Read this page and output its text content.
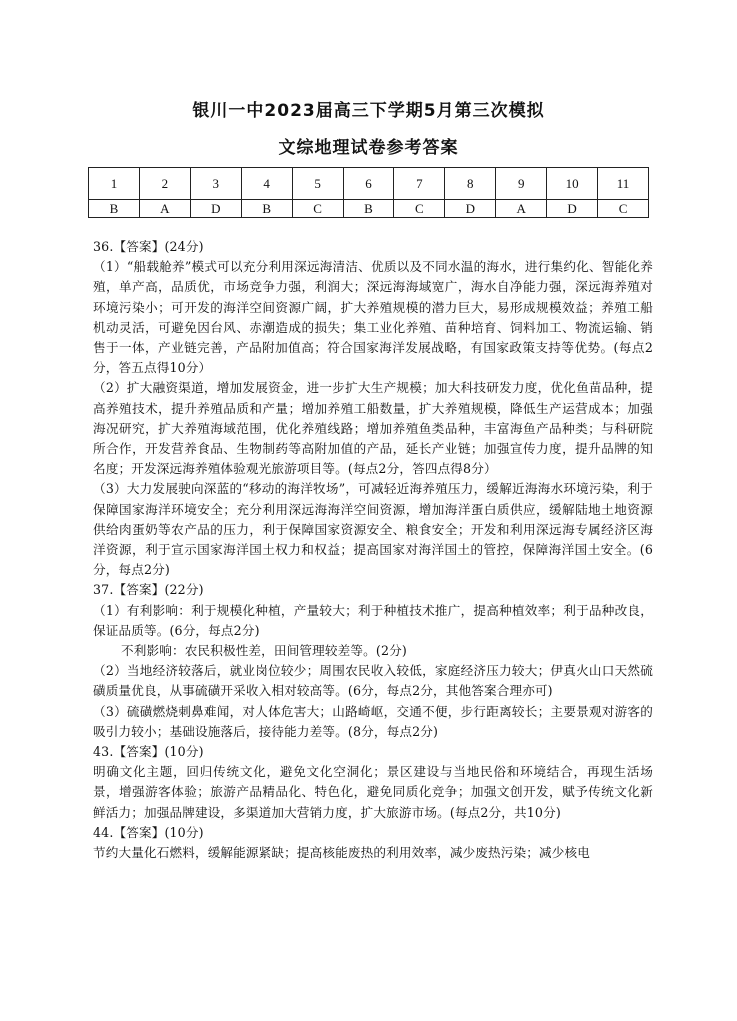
银川一中2023届高三下学期5月第三次模拟
文综地理试卷参考答案
1	2	3	4	5	6	7	8	9	10	11
B	A	D	B	C	B	C	D	A	D	C

36.【答案】(24分)

（1）“船载舱养”模式可以充分利用深远海清洁、优质以及不同水温的海水，进行集约化、智能化养殖，单产高，品质优，市场竞争力强，利润大；深远海海域宽广，海水自净能力强，深远海养殖对环境污染小；可开发的海洋空间资源广阔，扩大养殖规模的潜力巨大，易形成规模效益；养殖工船机动灵活，可避免因台风、赤潮造成的损失；集工业化养殖、苗种培育、饲料加工、物流运输、销售于一体，产业链完善，产品附加值高；符合国家海洋发展战略，有国家政策支持等优势。(每点2分，答五点得10分）

（2）扩大融资渠道，增加发展资金，进一步扩大生产规模；加大科技研发力度，优化鱼苗品种，提高养殖技术，提升养殖品质和产量；增加养殖工船数量，扩大养殖规模，降低生产运营成本；加强海况研究，扩大养殖海域范围，优化养殖线路；增加养殖鱼类品种，丰富海鱼产品种类；与科研院所合作，开发营养食品、生物制药等高附加值的产品，延长产业链；加强宣传力度，提升品牌的知名度；开发深远海养殖体验观光旅游项目等。(每点2分，答四点得8分）

（3）大力发展驶向深蓝的“移动的海洋牧场”，可减轻近海养殖压力，缓解近海海水环境污染，利于保障国家海洋环境安全；充分利用深远海海洋空间资源，增加海洋蛋白质供应，缓解陆地土地资源供给肉蛋奶等农产品的压力，利于保障国家资源安全、粮食安全；开发和利用深远海专属经济区海洋资源，利于宣示国家海洋国土权力和权益；提高国家对海洋国土的管控，保障海洋国土安全。(6分，每点2分)

37.【答案】(22分)

（1）有利影响：利于规模化种植，产量较大；利于种植技术推广，提高种植效率；利于品种改良，保证品质等。(6分，每点2分)

不利影响：农民积极性差，田间管理较差等。(2分)

（2）当地经济较落后，就业岗位较少；周围农民收入较低，家庭经济压力较大；伊真火山口天然硫磺质量优良，从事硫磺开采收入相对较高等。(6分，每点2分，其他答案合理亦可)

（3）硫磺燃烧刺鼻难闻，对人体危害大；山路崎岖，交通不便，步行距离较长；主要景观对游客的吸引力较小；基础设施落后，接待能力差等。(8分，每点2分)

43.【答案】(10分)

明确文化主题，回归传统文化，避免文化空洞化；景区建设与当地民俗和环境结合，再现生活场景，增强游客体验；旅游产品精品化、特色化，避免同质化竞争；加强文创开发，赋予传统文化新鲜活力；加强品牌建设，多渠道加大营销力度，扩大旅游市场。(每点2分，共10分)

44.【答案】(10分)

节约大量化石燃料，缓解能源紧缺；提高核能废热的利用效率，减少废热污染；减少核电
